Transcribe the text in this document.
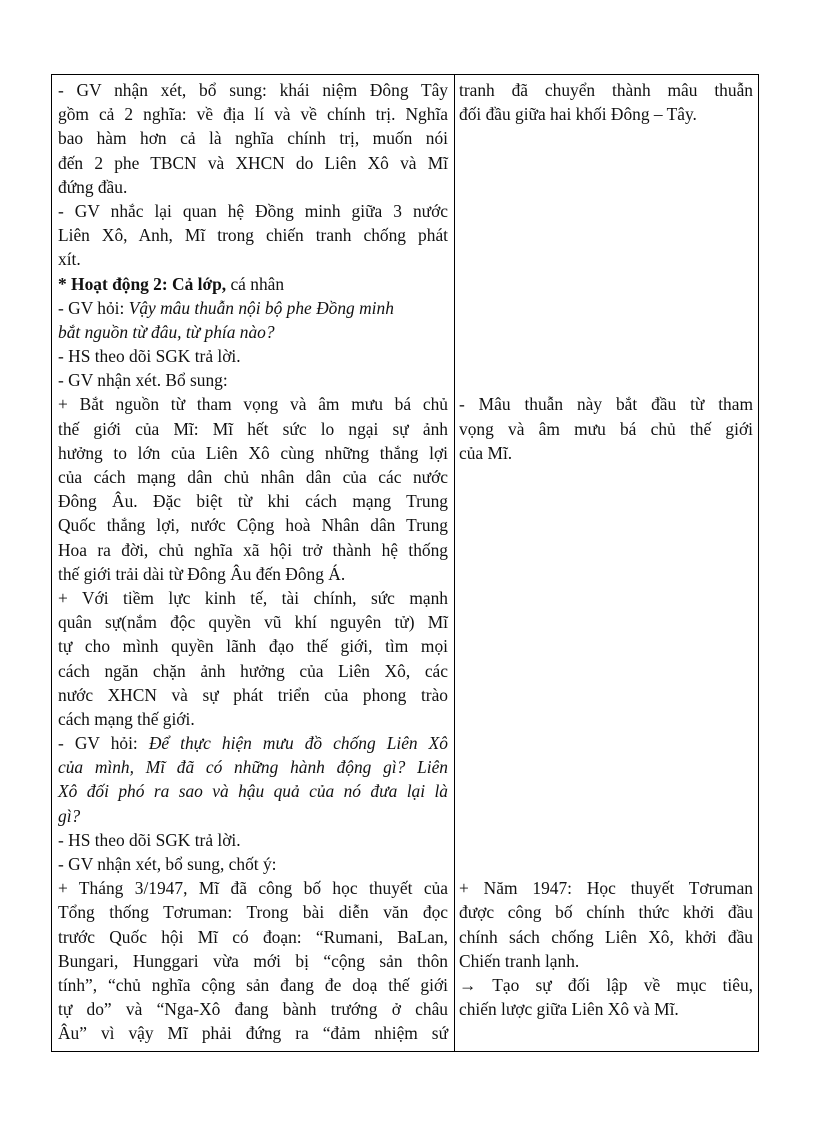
- GV nhận xét, bổ sung: khái niệm Đông Tây
gồm cả 2 nghĩa: về địa lí và về chính trị. Nghĩa
bao hàm hơn cả là nghĩa chính trị, muốn nói
đến 2 phe TBCN và XHCN do Liên Xô và Mĩ
đứng đầu.
- GV nhắc lại quan hệ Đồng minh giữa 3 nước
Liên Xô, Anh, Mĩ trong chiến tranh chống phát
xít.
* Hoạt động 2: Cả lớp, cá nhân
- GV hỏi: Vậy mâu thuẫn nội bộ phe Đồng minh
bắt nguồn từ đâu, từ phía nào?
- HS theo dõi SGK trả lời.
- GV nhận xét. Bổ sung:
+ Bắt nguồn từ tham vọng và âm mưu bá chủ
thế giới của Mĩ: Mĩ hết sức lo ngại sự ảnh
hưởng to lớn của Liên Xô cùng những thắng lợi
của cách mạng dân chủ nhân dân của các nước
Đông Âu. Đặc biệt từ khi cách mạng Trung
Quốc thắng lợi, nước Cộng hoà Nhân dân Trung
Hoa ra đời, chủ nghĩa xã hội trở thành hệ thống
thế giới trải dài từ Đông Âu đến Đông Á.
+ Với tiềm lực kinh tế, tài chính, sức mạnh
quân sự(nắm độc quyền vũ khí nguyên tử) Mĩ
tự cho mình quyền lãnh đạo thế giới, tìm mọi
cách ngăn chặn ảnh hưởng của Liên Xô, các
nước XHCN và sự phát triển của phong trào
cách mạng thế giới.
- GV hỏi: Để thực hiện mưu đồ chống Liên Xô
của mình, Mĩ đã có những hành động gì? Liên
Xô đối phó ra sao và hậu quả của nó đưa lại là
gì?
- HS theo dõi SGK trả lời.
- GV nhận xét, bổ sung, chốt ý:
+ Tháng 3/1947, Mĩ đã công bố học thuyết của
Tổng thống Tơruman: Trong bài diễn văn đọc
trước Quốc hội Mĩ có đoạn: “Rumani, BaLan,
Bungari, Hunggari vừa mới bị “cộng sản thôn
tính”, “chủ nghĩa cộng sản đang đe doạ thế giới
tự do” và “Nga-Xô đang bành trướng ở châu
Âu” vì vậy Mĩ phải đứng ra “đảm nhiệm sứ
tranh đã chuyển thành mâu thuẫn
đối đầu giữa hai khối Đông – Tây.
- Mâu thuẫn này bắt đầu từ tham
vọng và âm mưu bá chủ thế giới
của Mĩ.
+ Năm 1947: Học thuyết Tơruman
được công bố chính thức khởi đầu
chính sách chống Liên Xô, khởi đầu
Chiến tranh lạnh.
→ Tạo sự đối lập về mục tiêu,
chiến lược giữa Liên Xô và Mĩ.
